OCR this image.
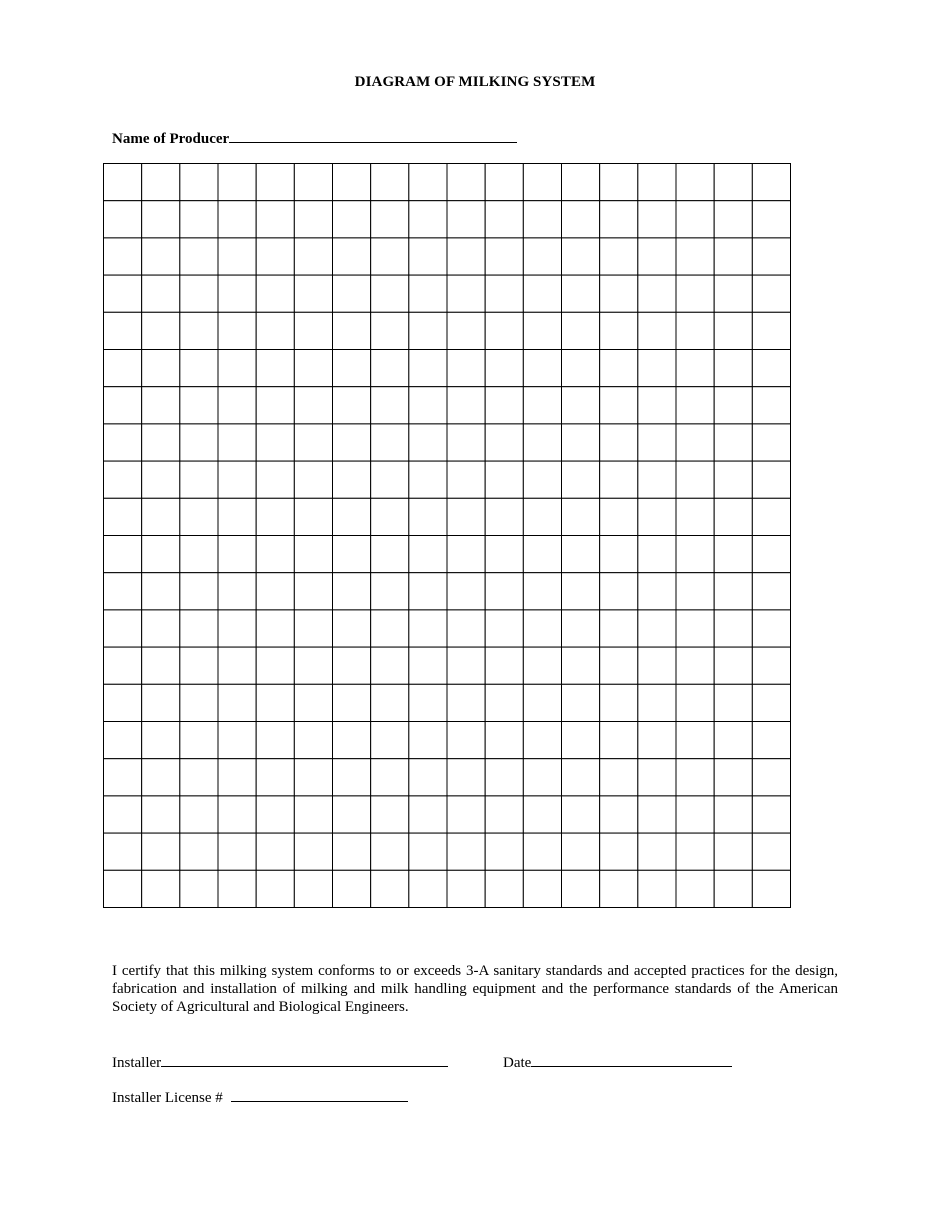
DIAGRAM OF MILKING SYSTEM
Name of Producer
I certify that this milking system conforms to or exceeds 3-A sanitary standards and accepted practices for the design, fabrication and installation of milking and milk handling equipment and the performance standards of the American Society of Agricultural and Biological Engineers.
Installer	Date
Installer License #
